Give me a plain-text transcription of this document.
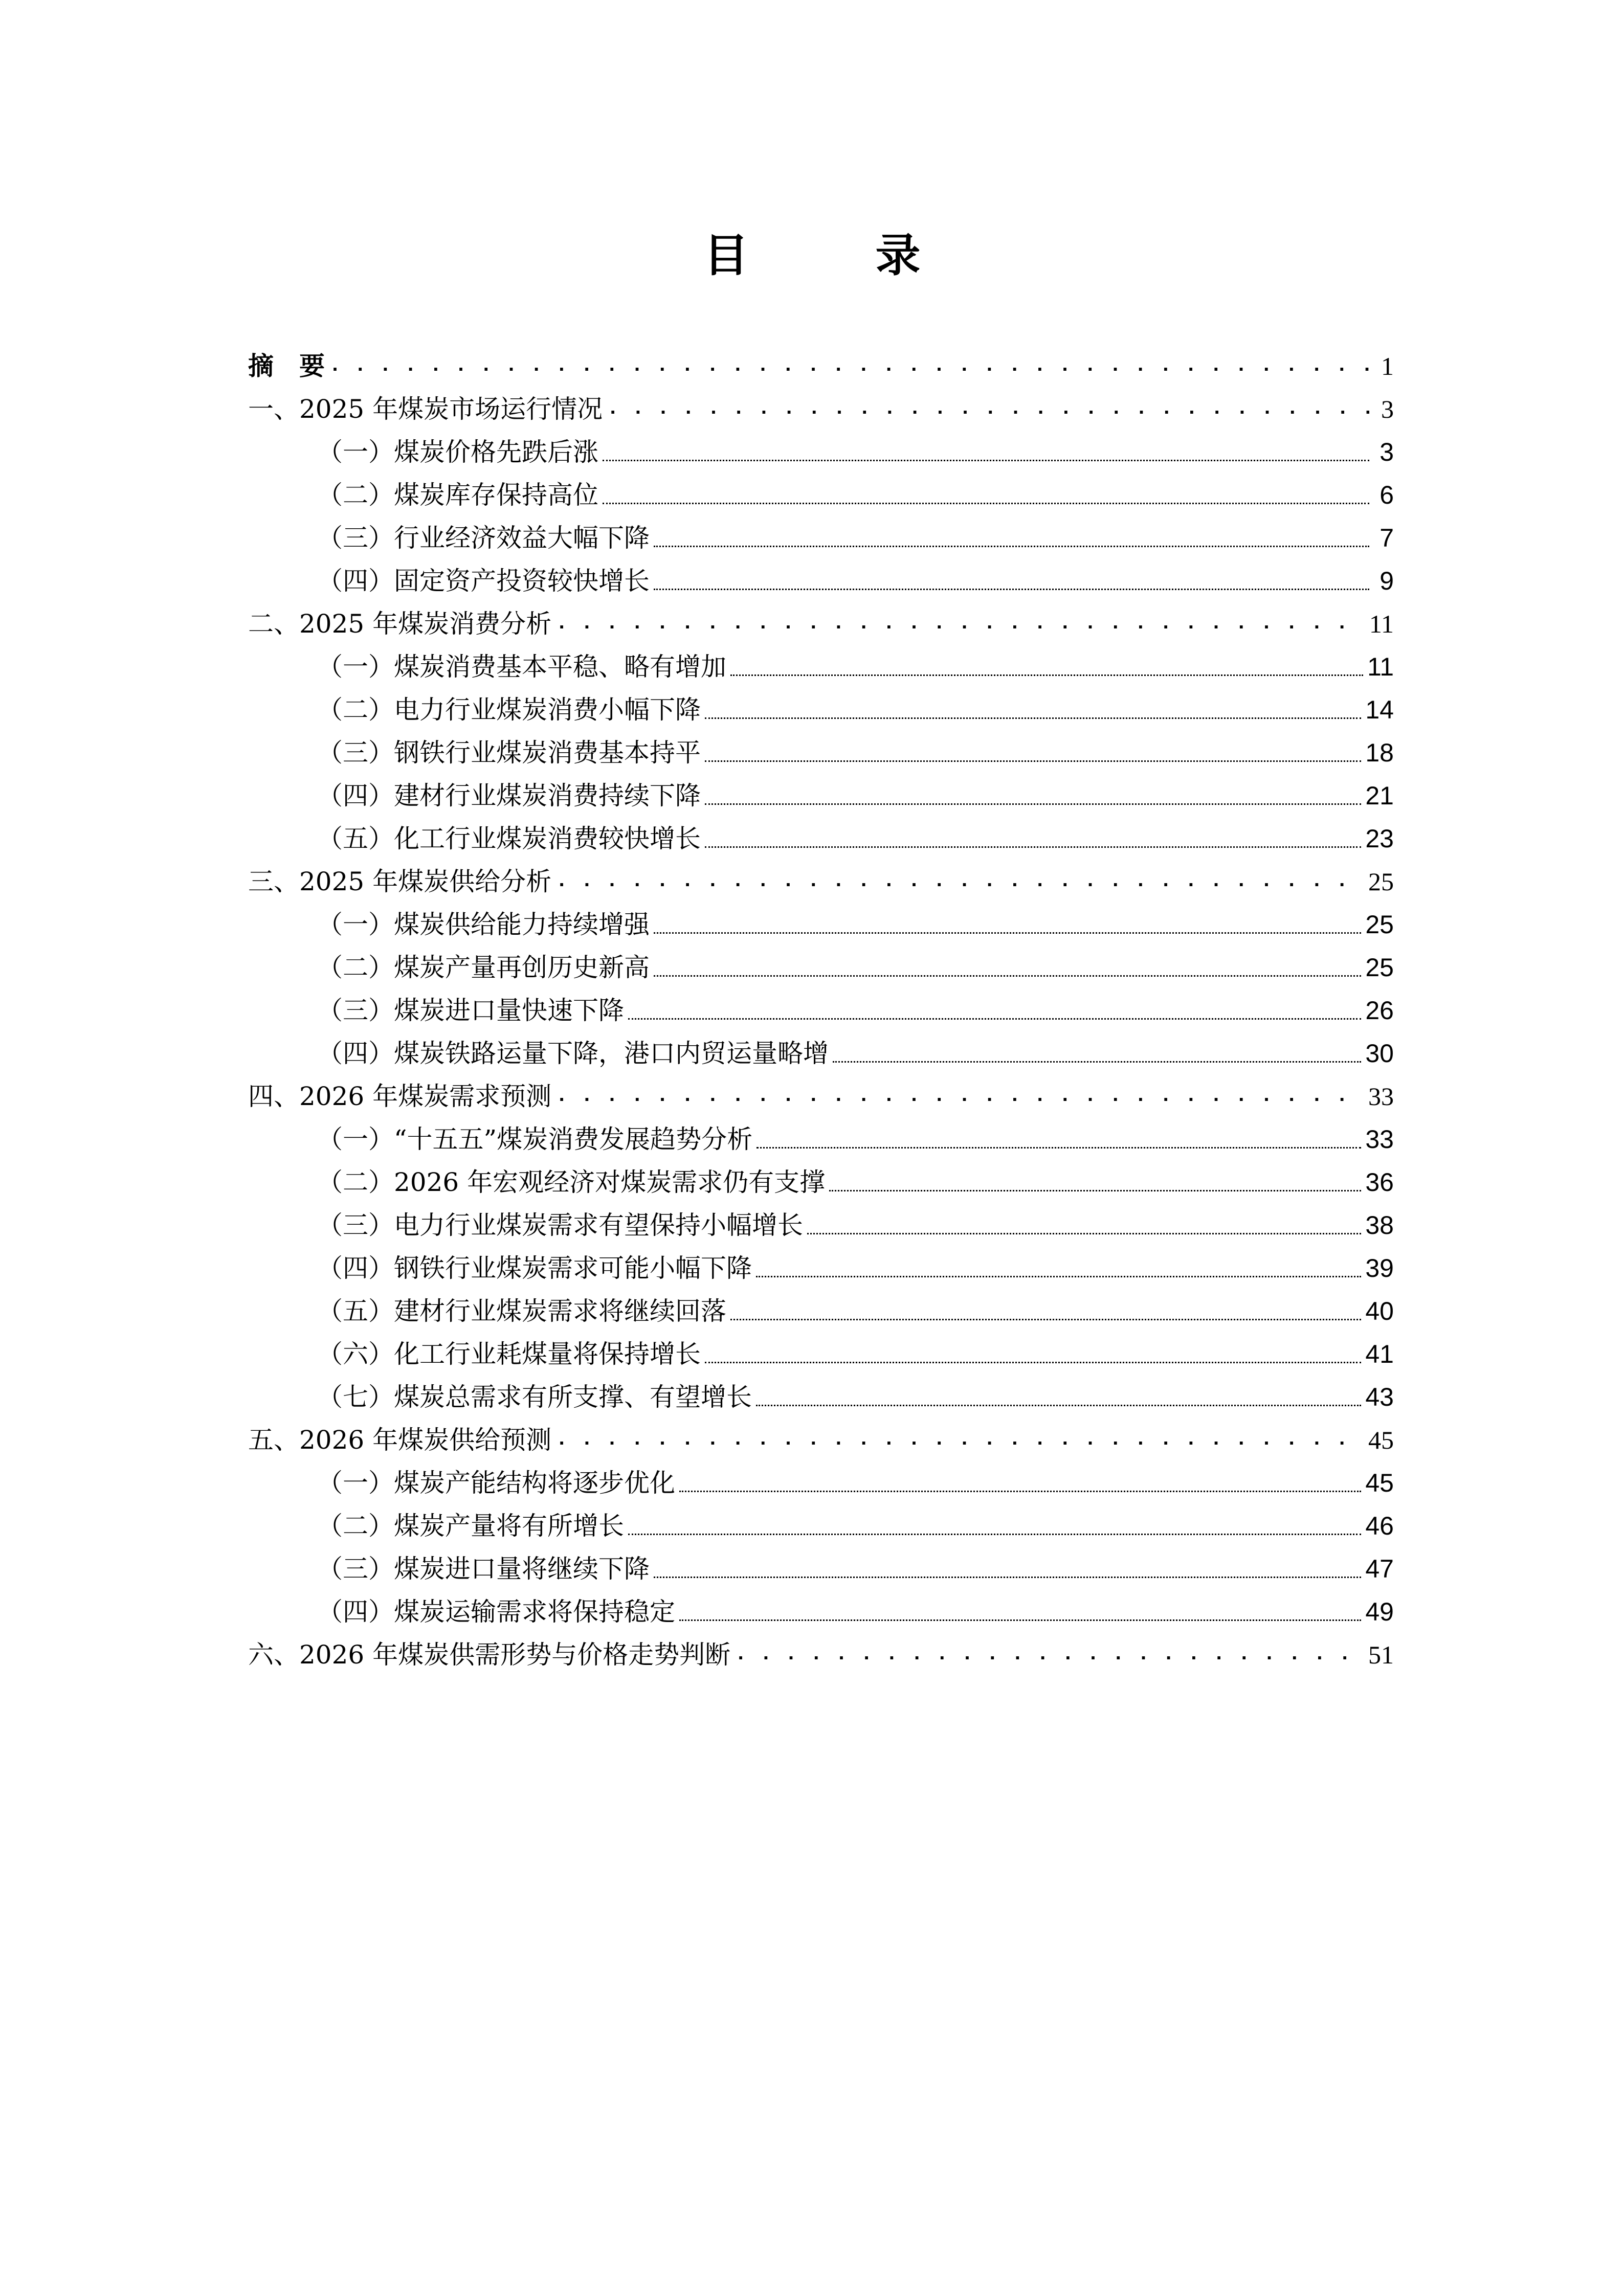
目　录
摘　要 . . .	1
一、2025 年煤炭市场运行情况 . . .	3
（一）煤炭价格先跌后涨	3
（二）煤炭库存保持高位	6
（三）行业经济效益大幅下降	7
（四）固定资产投资较快增长	9
二、2025 年煤炭消费分析 . . .	11
（一）煤炭消费基本平稳、略有增加	11
（二）电力行业煤炭消费小幅下降	14
（三）钢铁行业煤炭消费基本持平	18
（四）建材行业煤炭消费持续下降	21
（五）化工行业煤炭消费较快增长	23
三、2025 年煤炭供给分析 . . .	25
（一）煤炭供给能力持续增强	25
（二）煤炭产量再创历史新高	25
（三）煤炭进口量快速下降	26
（四）煤炭铁路运量下降，港口内贸运量略增	30
四、2026 年煤炭需求预测 . . .	33
（一）“十五五”煤炭消费发展趋势分析	33
（二）2026 年宏观经济对煤炭需求仍有支撑	36
（三）电力行业煤炭需求有望保持小幅增长	38
（四）钢铁行业煤炭需求可能小幅下降	39
（五）建材行业煤炭需求将继续回落	40
（六）化工行业耗煤量将保持增长	41
（七）煤炭总需求有所支撑、有望增长	43
五、2026 年煤炭供给预测 . . .	45
（一）煤炭产能结构将逐步优化	45
（二）煤炭产量将有所增长	46
（三）煤炭进口量将继续下降	47
（四）煤炭运输需求将保持稳定	49
六、2026 年煤炭供需形势与价格走势判断 . . .	51
